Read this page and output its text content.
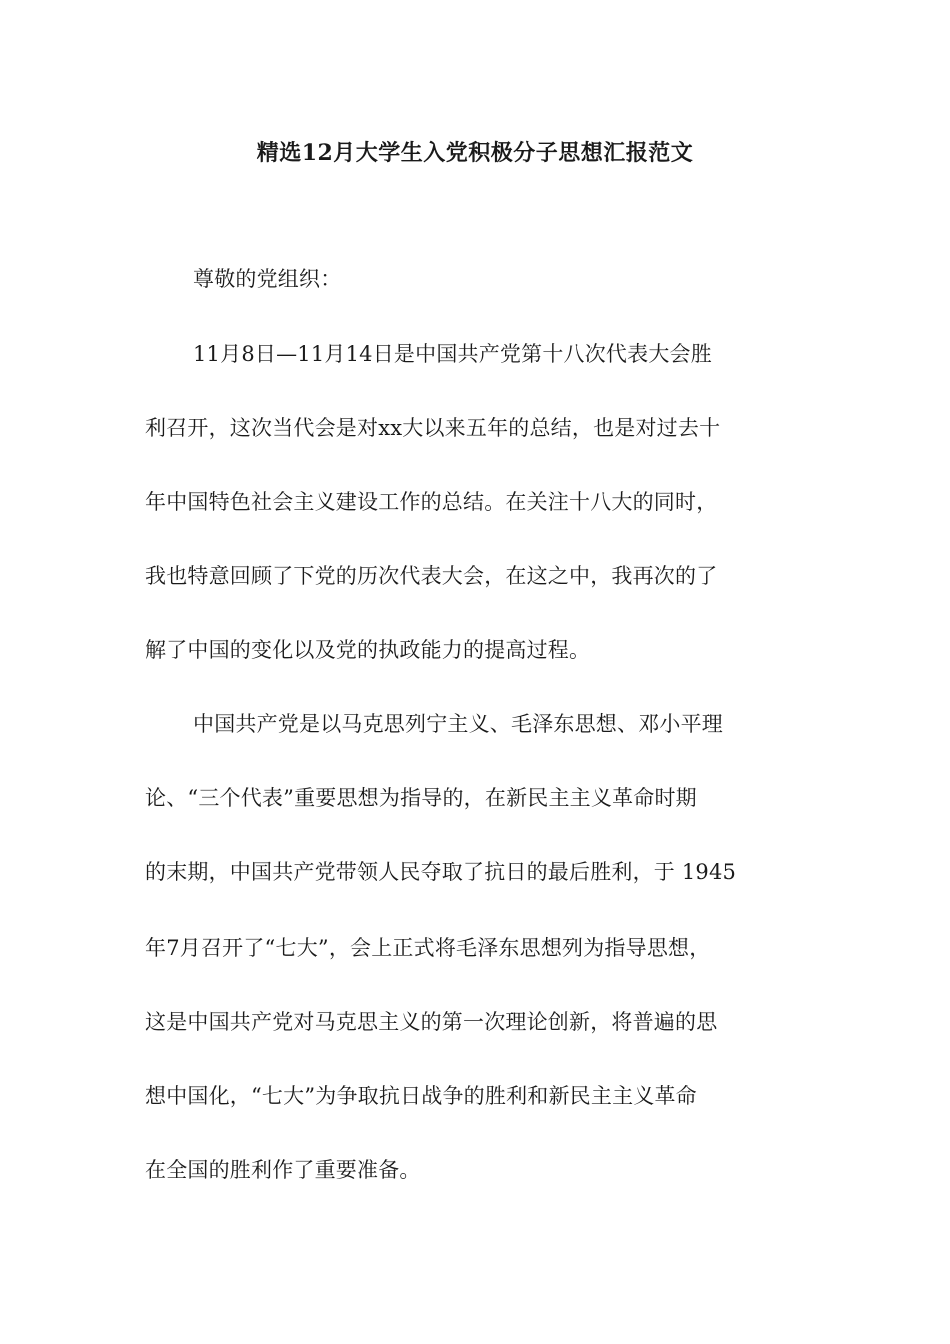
精选12月大学生入党积极分子思想汇报范文
尊敬的党组织：
11月8日—11月14日是中国共产党第十八次代表大会胜
利召开，这次当代会是对xx大以来五年的总结，也是对过去十
年中国特色社会主义建设工作的总结。在关注十八大的同时，
我也特意回顾了下党的历次代表大会，在这之中，我再次的了
解了中国的变化以及党的执政能力的提高过程。
中国共产党是以马克思列宁主义、毛泽东思想、邓小平理
论、“三个代表”重要思想为指导的，在新民主主义革命时期
的末期，中国共产党带领人民夺取了抗日的最后胜利，于 1945
年7月召开了“七大”，会上正式将毛泽东思想列为指导思想，
这是中国共产党对马克思主义的第一次理论创新，将普遍的思
想中国化，“七大”为争取抗日战争的胜利和新民主主义革命
在全国的胜利作了重要准备。
